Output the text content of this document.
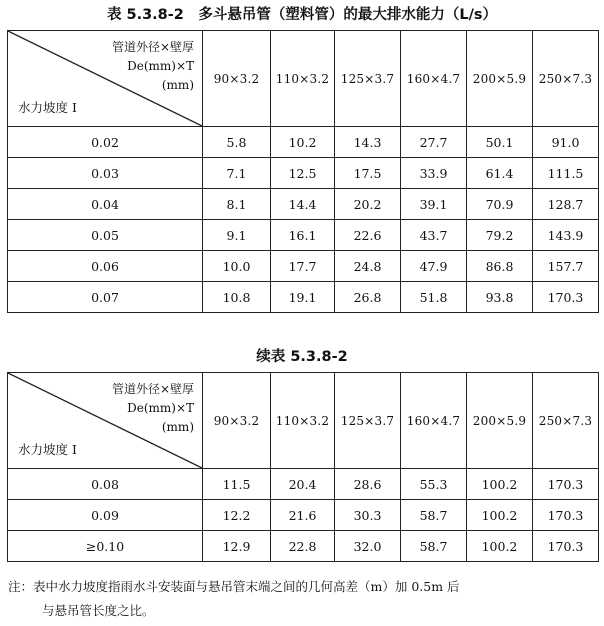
表 5.3.8-2　多斗悬吊管（塑料管）的最大排水能力（L/s）
管道外径×壁厚
De(mm)×T
(mm)
水力坡度 I	90×3.2	110×3.2	125×3.7	160×4.7	200×5.9	250×7.3
0.02	5.8	10.2	14.3	27.7	50.1	91.0
0.03	7.1	12.5	17.5	33.9	61.4	111.5
0.04	8.1	14.4	20.2	39.1	70.9	128.7
0.05	9.1	16.1	22.6	43.7	79.2	143.9
0.06	10.0	17.7	24.8	47.9	86.8	157.7
0.07	10.8	19.1	26.8	51.8	93.8	170.3
续表 5.3.8-2
管道外径×壁厚
De(mm)×T
(mm)
水力坡度 I	90×3.2	110×3.2	125×3.7	160×4.7	200×5.9	250×7.3
0.08	11.5	20.4	28.6	55.3	100.2	170.3
0.09	12.2	21.6	30.3	58.7	100.2	170.3
≥0.10	12.9	22.8	32.0	58.7	100.2	170.3
注：表中水力坡度指雨水斗安装面与悬吊管末端之间的几何高差（m）加 0.5m 后
与悬吊管长度之比。
